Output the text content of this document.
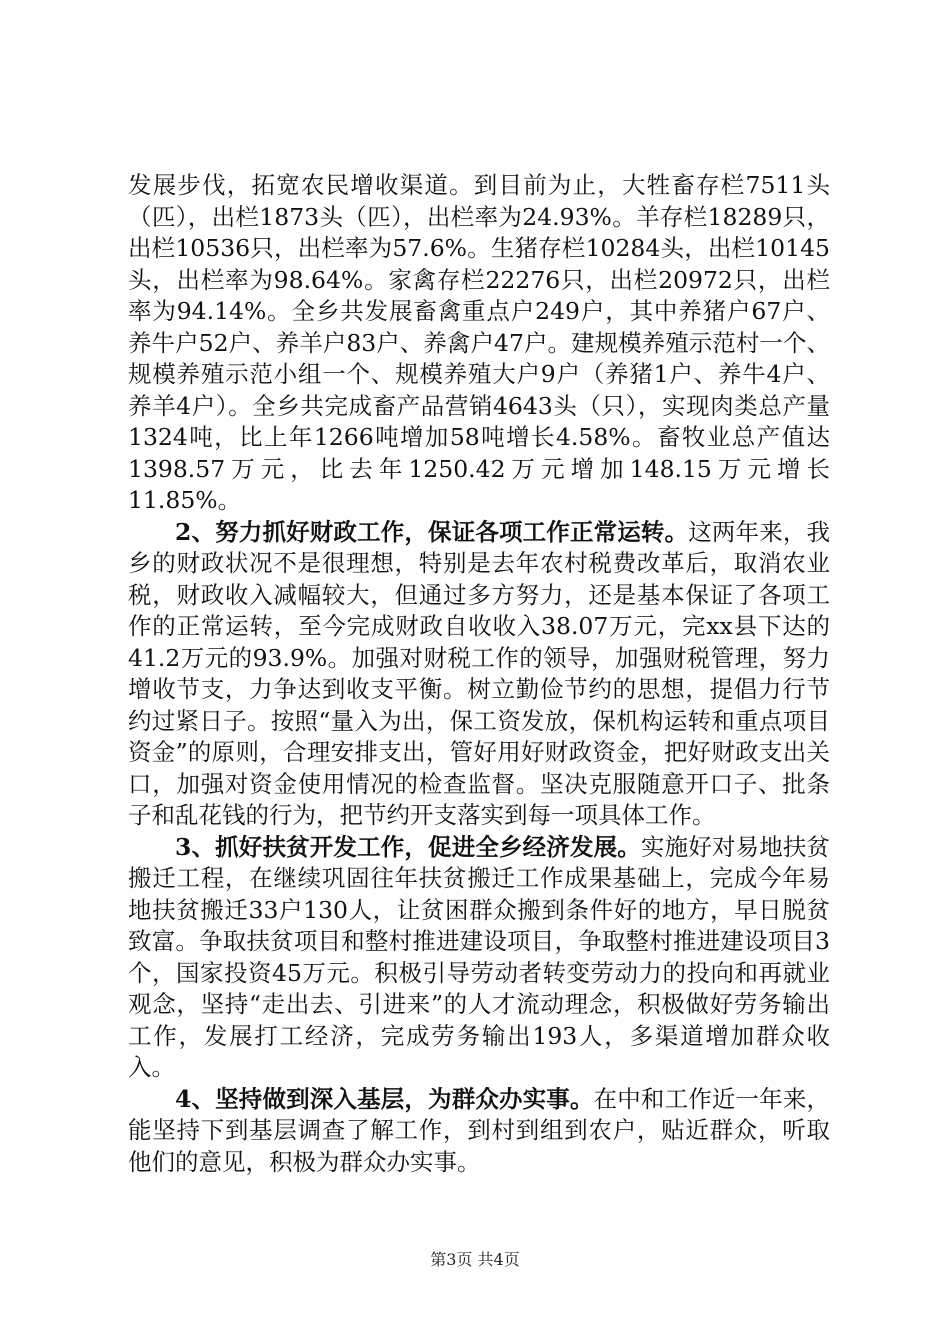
发展步伐，拓宽农民增收渠道。到目前为止，大牲畜存栏7511头（匹），出栏1873头（匹），出栏率为24.93%。羊存栏18289只，出栏10536只，出栏率为57.6%。生猪存栏10284头，出栏10145头，出栏率为98.64%。家禽存栏22276只，出栏20972只，出栏率为94.14%。全乡共发展畜禽重点户249户，其中养猪户67户、养牛户52户、养羊户83户、养禽户47户。建规模养殖示范村一个、规模养殖示范小组一个、规模养殖大户9户（养猪1户、养牛4户、养羊4户）。全乡共完成畜产品营销4643头（只），实现肉类总产量1324吨，比上年1266吨增加58吨增长4.58%。畜牧业总产值达1398.57万元，比去年1250.42万元增加148.15万元增长11.85%。

2、努力抓好财政工作，保证各项工作正常运转。这两年来，我乡的财政状况不是很理想，特别是去年农村税费改革后，取消农业税，财政收入减幅较大，但通过多方努力，还是基本保证了各项工作的正常运转，至今完成财政自收收入38.07万元，完xx县下达的41.2万元的93.9%。加强对财税工作的领导，加强财税管理，努力增收节支，力争达到收支平衡。树立勤俭节约的思想，提倡力行节约过紧日子。按照“量入为出，保工资发放，保机构运转和重点项目资金”的原则，合理安排支出，管好用好财政资金，把好财政支出关口，加强对资金使用情况的检查监督。坚决克服随意开口子、批条子和乱花钱的行为，把节约开支落实到每一项具体工作。

3、抓好扶贫开发工作，促进全乡经济发展。实施好对易地扶贫搬迁工程，在继续巩固往年扶贫搬迁工作成果基础上，完成今年易地扶贫搬迁33户130人，让贫困群众搬到条件好的地方，早日脱贫致富。争取扶贫项目和整村推进建设项目，争取整村推进建设项目3个，国家投资45万元。积极引导劳动者转变劳动力的投向和再就业观念，坚持“走出去、引进来”的人才流动理念，积极做好劳务输出工作，发展打工经济，完成劳务输出193人，多渠道增加群众收入。

4、坚持做到深入基层，为群众办实事。在中和工作近一年来，能坚持下到基层调查了解工作，到村到组到农户，贴近群众，听取他们的意见，积极为群众办实事。

第3页 共4页
